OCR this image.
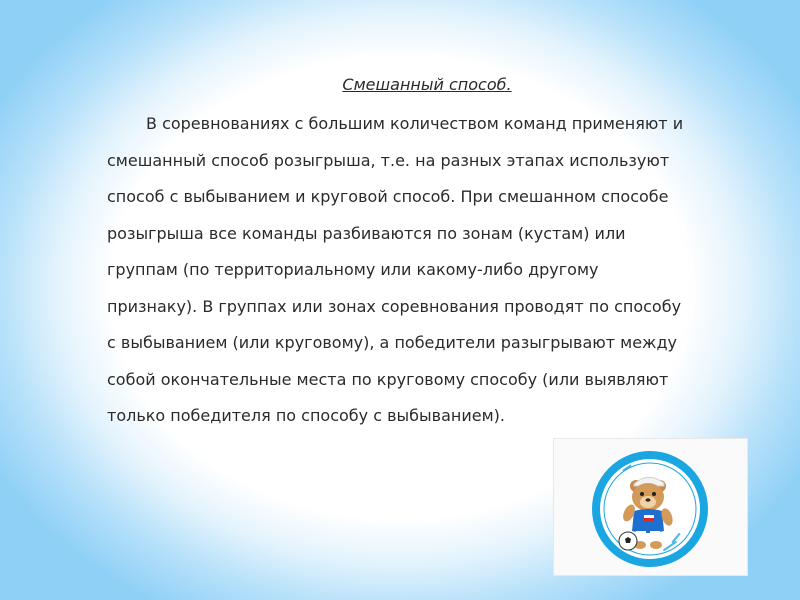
Смешанный способ.

В соревнованиях с большим количеством команд применяют и
смешанный способ розыгрыша, т.е. на разных этапах используют
способ с выбыванием и круговой способ. При смешанном способе
розыгрыша все команды разбиваются по зонам (кустам) или
группам (по территориальному или какому-либо другому
признаку). В группах или зонах соревнования проводят по способу
с выбыванием (или круговому), а победители разыгрывают между
собой окончательные места по круговому способу (или выявляют
только победителя по способу с выбыванием).
